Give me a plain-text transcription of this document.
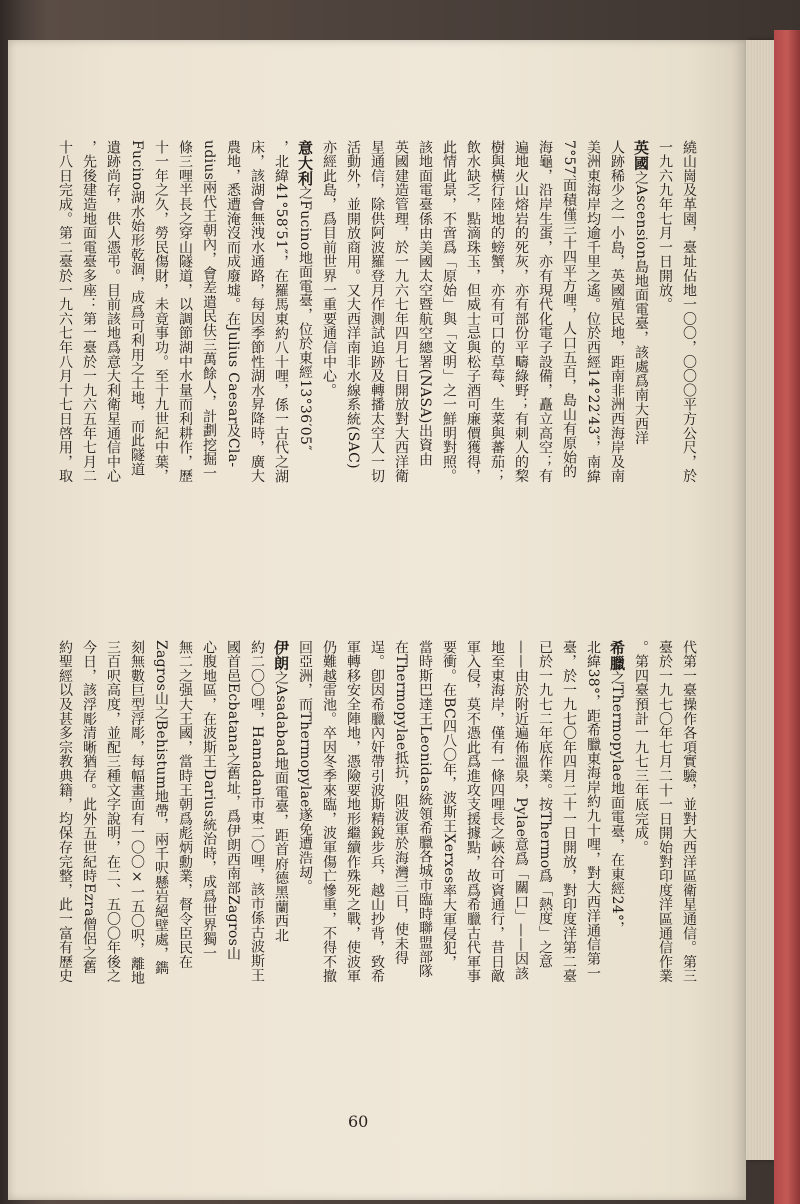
繞山崗及革園，臺址佔地一〇〇，〇〇〇平方公尺，於
一九六九年七月一日開放。
英國之Ascension島地面電臺，該處爲南大西洋
人跡稀少之一小島，英國殖民地，距南非洲西海岸及南
美洲東海岸均逾千里之遙。位於西經14°22′43″，南緯
7°57′面積僅三十四平方哩，人口五百，島山有原始的
海龜，沿岸生蛋，亦有現代化電子設備，矗立高空；有
遍地火山熔岩的死灰，亦有部份平疇綠野；有刺人的棃
樹與橫行陸地的螃蟹，亦有可口的草莓、生菜與蕃茄；
飲水缺乏，點滴珠玉，但威士忌與松子酒可廉價獲得，
此情此景，不啻爲「原始」與「文明」之一鮮明對照。
該地面電臺係由美國太空暨航空總署(NASA)出資由
英國建造管理，於一九六七年四月七日開放對大西洋衛
星通信，除供阿波羅登月作測試追跡及轉播太空人一切
活動外，並開放商用。又大西洋南非水線系統(SAC)
亦經此島，爲目前世界一重要通信中心。
意大利之Fucino地面電臺，位於東經13°36′05″
，北緯41°58′51″，在羅馬東約八十哩，係一古代之湖
床，該湖會無洩水通路，每因季節性湖水昇降時，廣大
農地，悉遭淹沒而成廢墟。在Julius Caesar及Cla-
udius兩代王朝內，會差遣民伕三萬餘人，計劃挖掘一
條三哩半長之穿山隧道，以調節湖中水量而利耕作，歷
十一年之久，勞民傷財，未竟事功。至十九世紀中葉，
Fucino湖水始形乾涸，成爲可利用之土地，而此隧道
遺跡尚存，供人憑弔。目前該地爲意大利衛星通信中心
，先後建造地面電臺多座：第一臺於一九六五年七月二
十八日完成。第二臺於一九六七年八月十七日啓用，取
代第一臺操作各項實驗，並對大西洋區衛星通信。第三
臺於一九七〇年七月二十一日開始對印度洋區通信作業
。第四臺預計一九七三年底完成。
希臘之Thermopylae地面電臺，在東經24°，
北緯38°，距希臘東海岸約九十哩，對大西洋通信第一
臺，於一九七〇年四月二十一日開放，對印度洋第二臺
已於一九七二年底作業。按Thermo爲「熱度」之意
——由於附近遍佈溫泉，Pylae意爲「關口」——因該
地至東海岸，僅有一條四哩長之峽谷可資通行，昔日敵
軍入侵，莫不憑此爲進攻支援據點，故爲希臘古代軍事
要衝。在BC四八〇年，波斯王Xerxes率大軍侵犯，
當時斯巴達王Leonidas統領希臘各城市臨時聯盟部隊
在Thermopylae抵抗，阻波軍於海灣三日，使未得
逞。卽因希臘內奸帶引波斯精銳步兵，越山抄背，致希
軍轉移安全陣地，憑險要地形繼續作殊死之戰，使波軍
仍難越雷池。卒因冬季來臨，波軍傷亡慘重，不得不撤
回亞洲，而Thermopylae遂免遭浩刼。
伊朗之Asadabad地面電臺，距首府德黑蘭西北
約二〇〇哩，Hamadan市東二〇哩，該市係古波斯王
國首邑Ecbatana之舊址，爲伊朗西南部Zagros山
心腹地區，在波斯王Darius統治時，成爲世界獨一
無二之强大王國，當時王朝爲彪炳勳業，督令臣民在
Zagros山之Behistum地帶，兩千呎懸岩絕壁處，鐫
刻無數巨型浮彫，每幅畫面有一〇〇×一五〇呎，離地
三百呎高度，並配三種文字說明，在二、五〇〇年後之
今日，該浮彫清晰猶存。此外五世紀時Ezra僧侶之舊
約聖經以及甚多宗教典籍，均保存完整，此一富有歷史
60
